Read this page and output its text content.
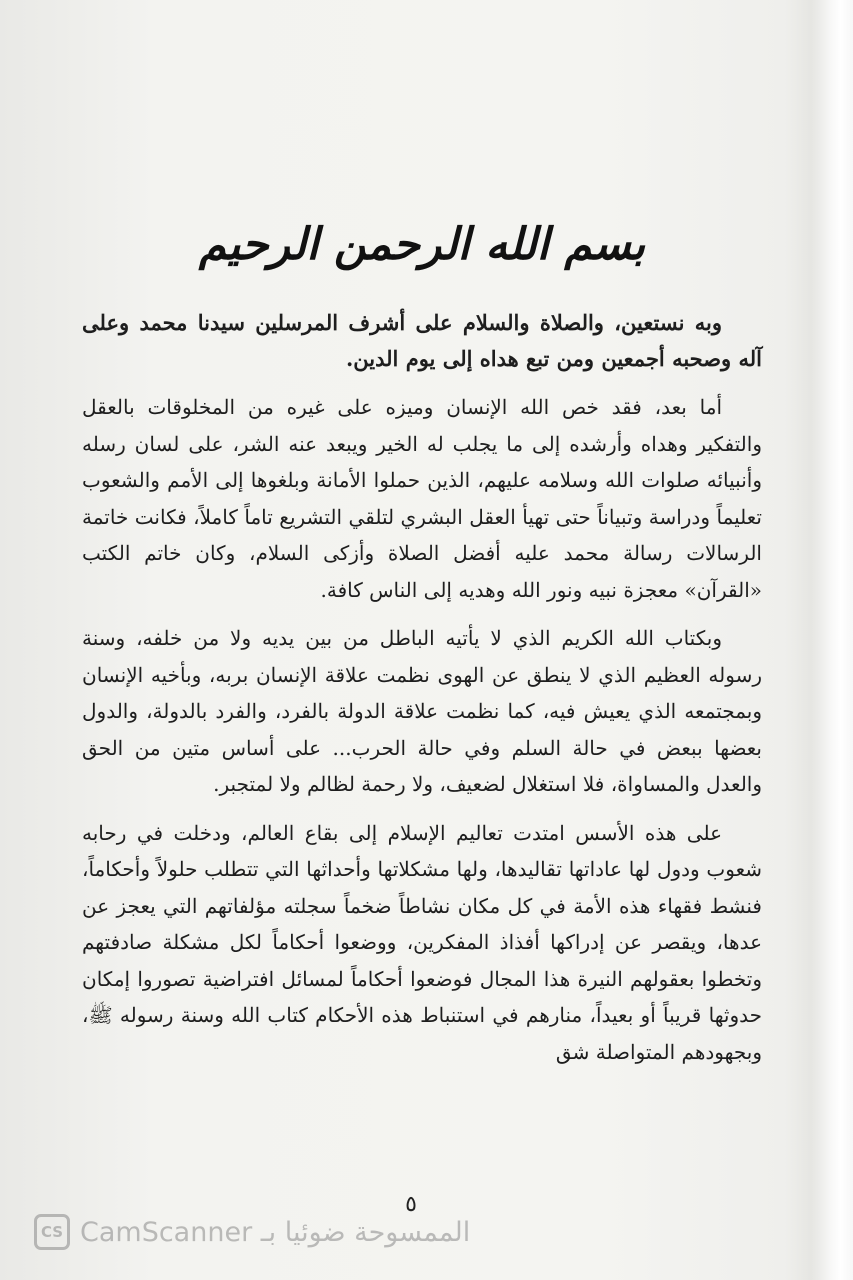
بسم الله الرحمن الرحيم

وبه نستعين، والصلاة والسلام على أشرف المرسلين سيدنا محمد وعلى آله وصحبه أجمعين ومن تبع هداه إلى يوم الدين.

أما بعد، فقد خص الله الإنسان وميزه على غيره من المخلوقات بالعقل والتفكير وهداه وأرشده إلى ما يجلب له الخير ويبعد عنه الشر، على لسان رسله وأنبيائه صلوات الله وسلامه عليهم، الذين حملوا الأمانة وبلغوها إلى الأمم والشعوب تعليماً ودراسة وتبياناً حتى تهيأ العقل البشري لتلقي التشريع تاماً كاملاً، فكانت خاتمة الرسالات رسالة محمد عليه أفضل الصلاة وأزكى السلام، وكان خاتم الكتب «القرآن» معجزة نبيه ونور الله وهديه إلى الناس كافة.

وبكتاب الله الكريم الذي لا يأتيه الباطل من بين يديه ولا من خلفه، وسنة رسوله العظيم الذي لا ينطق عن الهوى نظمت علاقة الإنسان بربه، وبأخيه الإنسان وبمجتمعه الذي يعيش فيه، كما نظمت علاقة الدولة بالفرد، والفرد بالدولة، والدول بعضها ببعض في حالة السلم وفي حالة الحرب... على أساس متين من الحق والعدل والمساواة، فلا استغلال لضعيف، ولا رحمة لظالم ولا لمتجبر.

على هذه الأسس امتدت تعاليم الإسلام إلى بقاع العالم، ودخلت في رحابه شعوب ودول لها عاداتها تقاليدها، ولها مشكلاتها وأحداثها التي تتطلب حلولاً وأحكاماً، فنشط فقهاء هذه الأمة في كل مكان نشاطاً ضخماً سجلته مؤلفاتهم التي يعجز عن عدها، ويقصر عن إدراكها أفذاذ المفكرين، ووضعوا أحكاماً لكل مشكلة صادفتهم وتخطوا بعقولهم النيرة هذا المجال فوضعوا أحكاماً لمسائل افتراضية تصوروا إمكان حدوثها قريباً أو بعيداً، منارهم في استنباط هذه الأحكام كتاب الله وسنة رسوله ﷺ، وبجهودهم المتواصلة شق

٥
CS CamScanner الممسوحة ضوئيا بـ
